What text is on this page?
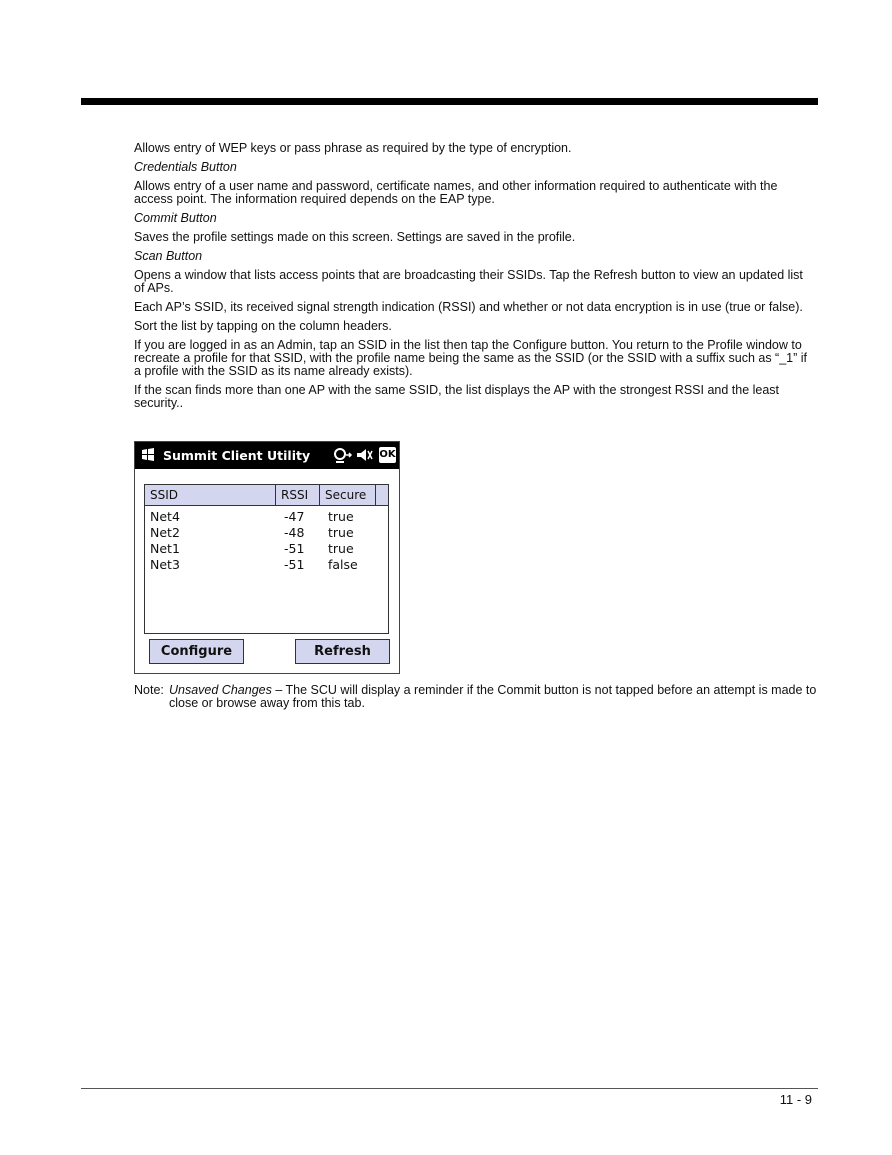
Allows entry of WEP keys or pass phrase as required by the type of encryption.

Credentials Button

Allows entry of a user name and password, certificate names, and other information required to authenticate with the access point. The information required depends on the EAP type.

Commit Button

Saves the profile settings made on this screen. Settings are saved in the profile.

Scan Button

Opens a window that lists access points that are broadcasting their SSIDs. Tap the Refresh button to view an updated list of APs.

Each AP’s SSID, its received signal strength indication (RSSI) and whether or not data encryption is in use (true or false).

Sort the list by tapping on the column headers.

If you are logged in as an Admin, tap an SSID in the list then tap the Configure button. You return to the Profile window to recreate a profile for that SSID, with the profile name being the same as the SSID (or the SSID with a suffix such as “_1” if a profile with the SSID as its name already exists).

If the scan finds more than one AP with the same SSID, the list displays the AP with the strongest RSSI and the least security..

Summit Client Utility	OK
SSID	RSSI	Secure
Net4	-47 true
Net2	-48 true
Net1	-51 true
Net3	-51 false
Configure	Refresh
Note: Unsaved Changes – The SCU will display a reminder if the Commit button is not tapped before an attempt is made to close or browse away from this tab.
11 - 9
